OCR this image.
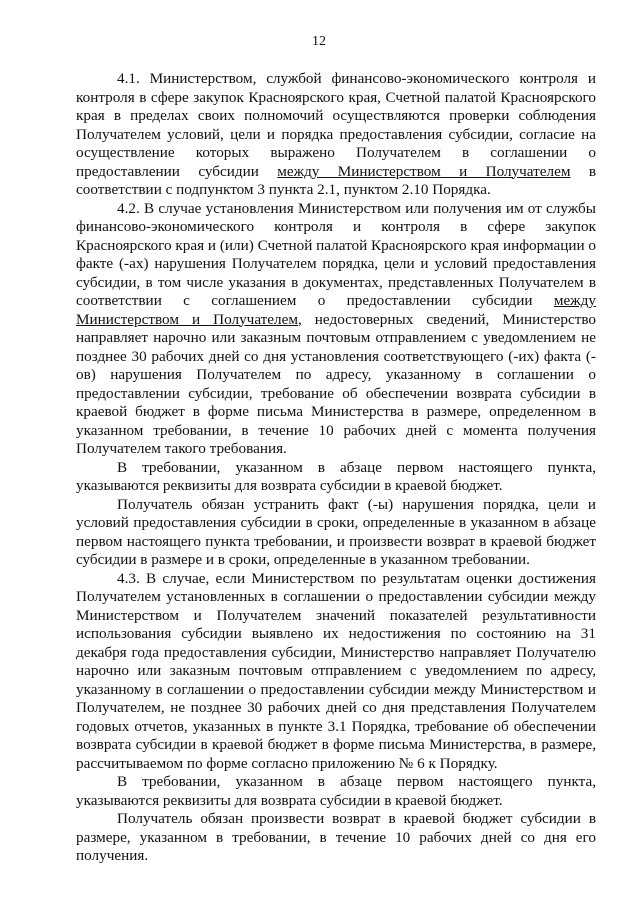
12

4.1. Министерством, службой финансово-экономического контроля и контроля в сфере закупок Красноярского края, Счетной палатой Красноярского края в пределах своих полномочий осуществляются проверки соблюдения Получателем условий, цели и порядка предоставления субсидии, согласие на осуществление которых выражено Получателем в соглашении о предоставлении субсидии между Министерством и Получателем в соответствии с подпунктом 3 пункта 2.1, пунктом 2.10 Порядка.

4.2. В случае установления Министерством или получения им от службы финансово-экономического контроля и контроля в сфере закупок Красноярского края и (или) Счетной палатой Красноярского края информации о факте (-ах) нарушения Получателем порядка, цели и условий предоставления субсидии, в том числе указания в документах, представленных Получателем в соответствии с соглашением о предоставлении субсидии между Министерством и Получателем, недостоверных сведений, Министерство направляет нарочно или заказным почтовым отправлением с уведомлением не позднее 30 рабочих дней со дня установления соответствующего (-их) факта (-ов) нарушения Получателем по адресу, указанному в соглашении о предоставлении субсидии, требование об обеспечении возврата субсидии в краевой бюджет в форме письма Министерства в размере, определенном в указанном требовании, в течение 10 рабочих дней с момента получения Получателем такого требования.

В требовании, указанном в абзаце первом настоящего пункта, указываются реквизиты для возврата субсидии в краевой бюджет.

Получатель обязан устранить факт (-ы) нарушения порядка, цели и условий предоставления субсидии в сроки, определенные в указанном в абзаце первом настоящего пункта требовании, и произвести возврат в краевой бюджет субсидии в размере и в сроки, определенные в указанном требовании.

4.3. В случае, если Министерством по результатам оценки достижения Получателем установленных в соглашении о предоставлении субсидии между Министерством и Получателем значений показателей результативности использования субсидии выявлено их недостижения по состоянию на 31 декабря года предоставления субсидии, Министерство направляет Получателю нарочно или заказным почтовым отправлением с уведомлением по адресу, указанному в соглашении о предоставлении субсидии между Министерством и Получателем, не позднее 30 рабочих дней со дня представления Получателем годовых отчетов, указанных в пункте 3.1 Порядка, требование об обеспечении возврата субсидии в краевой бюджет в форме письма Министерства, в размере, рассчитываемом по форме согласно приложению № 6 к Порядку.

В требовании, указанном в абзаце первом настоящего пункта, указываются реквизиты для возврата субсидии в краевой бюджет.

Получатель обязан произвести возврат в краевой бюджет субсидии в размере, указанном в требовании, в течение 10 рабочих дней со дня его получения.
